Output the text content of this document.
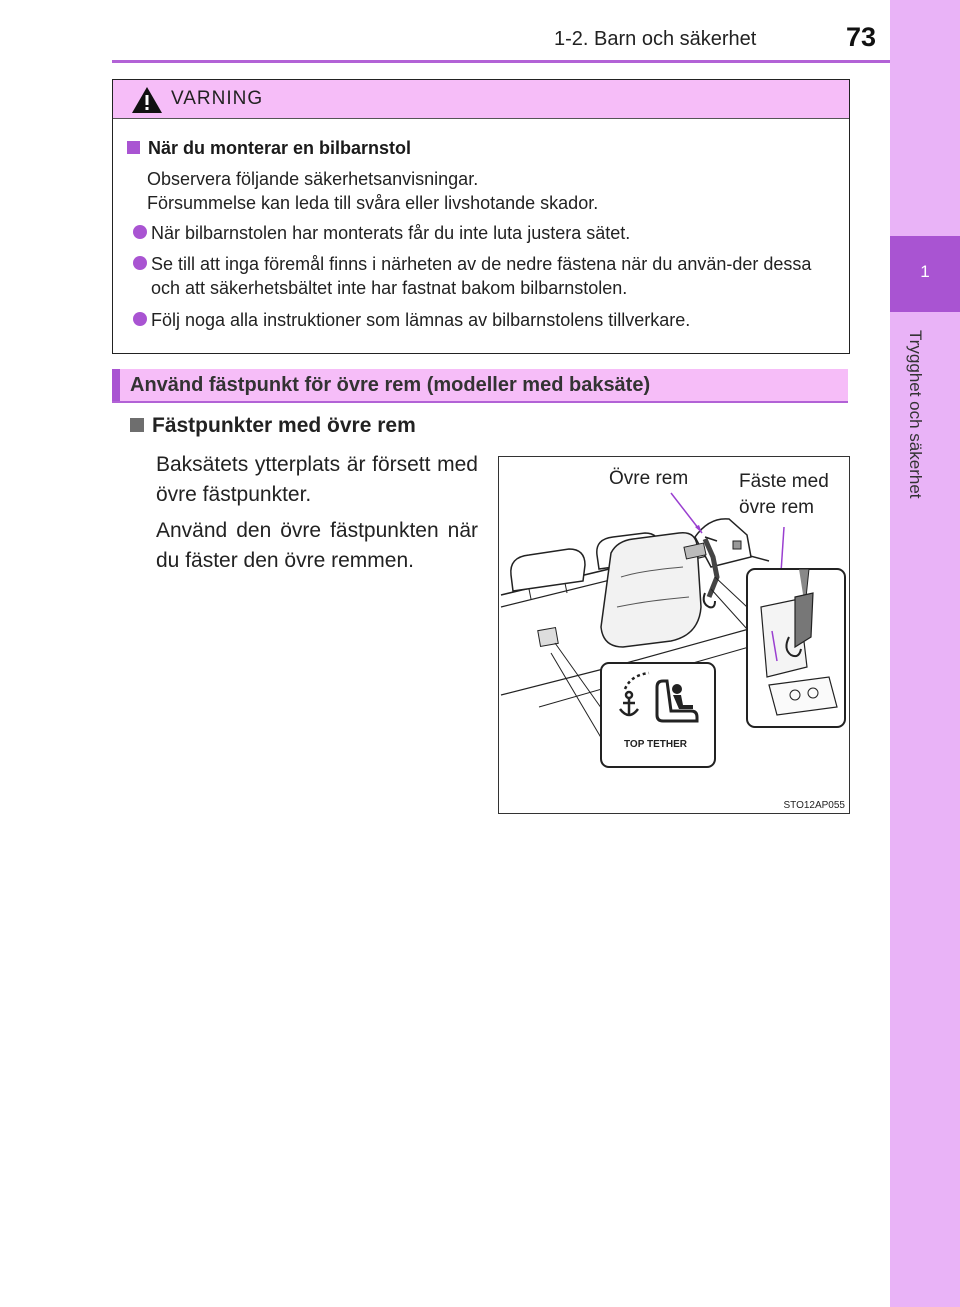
1-2. Barn och säkerhet	73
1
Trygghet och säkerhet
VARNING
När du monterar en bilbarnstol
Observera följande säkerhetsanvisningar.
Försummelse kan leda till svåra eller livshotande skador.
När bilbarnstolen har monterats får du inte luta justera sätet.
Se till att inga föremål finns i närheten av de nedre fästena när du använ-der dessa och att säkerhetsbältet inte har fastnat bakom bilbarnstolen.
Följ noga alla instruktioner som lämnas av bilbarnstolens tillverkare.
Använd fästpunkt för övre rem (modeller med baksäte)
Fästpunkter med övre rem
Baksätets ytterplats är försett med övre fästpunkter.
Använd den övre fästpunkten när du fäster den övre remmen.
Övre rem	Fäste med
övre rem
TOP TETHER
STO12AP055
